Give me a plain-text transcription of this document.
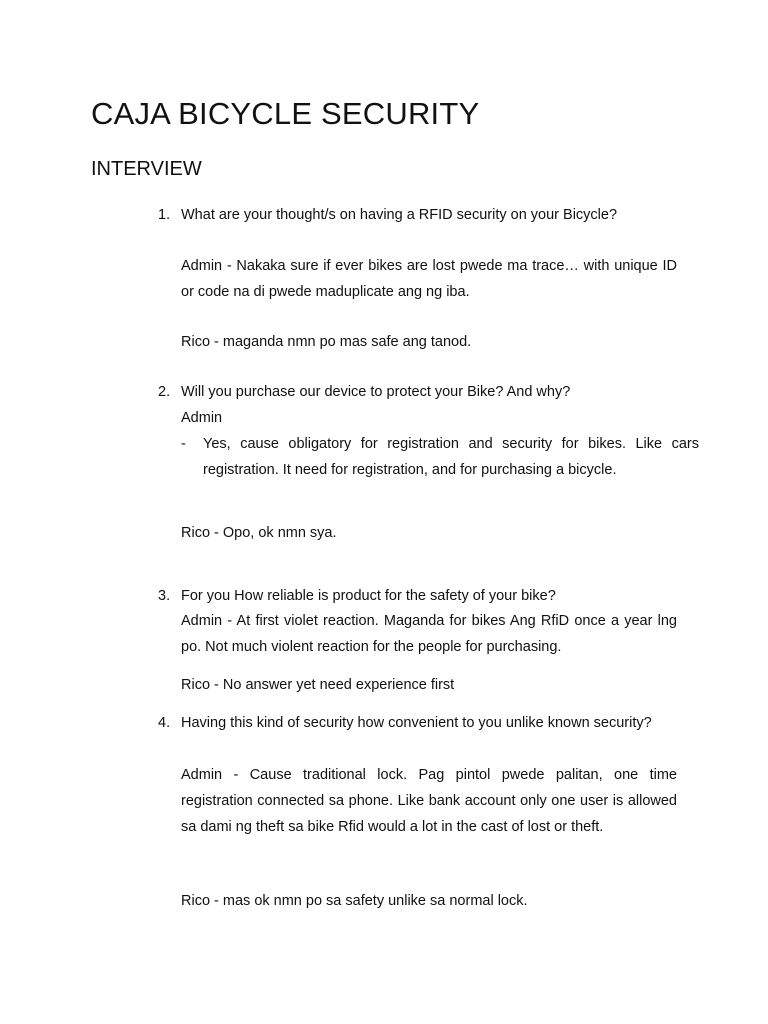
CAJA BICYCLE SECURITY
INTERVIEW
1. What are your thought/s on having a RFID security on your Bicycle?
Admin - Nakaka sure if ever bikes are lost pwede ma trace… with unique ID or code na di pwede maduplicate ang ng iba.
Rico - maganda nmn po mas safe ang tanod.
2. Will you purchase our device to protect your Bike? And why?
Admin
- Yes, cause obligatory for registration and security for bikes. Like cars registration. It need for registration, and for purchasing a bicycle.
Rico - Opo, ok nmn sya.
3. For you How reliable is product for the safety of your bike?
Admin - At first violet reaction. Maganda for bikes Ang RfiD once a year lng po. Not much violent reaction for the people for purchasing.
Rico - No answer yet need experience first
4. Having this kind of security how convenient to you unlike known security?
Admin - Cause traditional lock. Pag pintol pwede palitan, one time registration connected sa phone. Like bank account only one user is allowed sa dami ng theft sa bike Rfid would a lot in the cast of lost or theft.
Rico - mas ok nmn po sa safety unlike sa normal lock.
